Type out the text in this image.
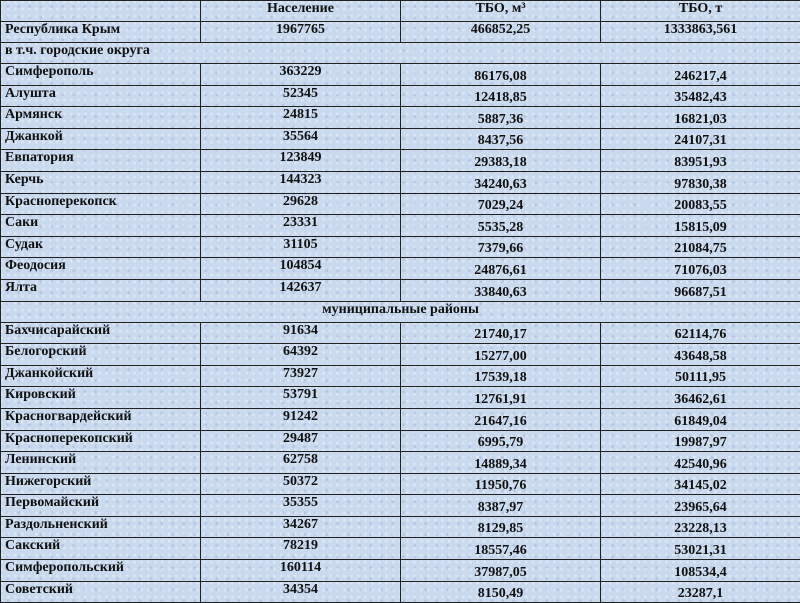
	Население	ТБО, м³	ТБО, т
Республика Крым	1967765	466852,25	1333863,561
в т.ч. городские округа			
Симферополь	363229	86176,08	246217,4
Алушта	52345	12418,85	35482,43
Армянск	24815	5887,36	16821,03
Джанкой	35564	8437,56	24107,31
Евпатория	123849	29383,18	83951,93
Керчь	144323	34240,63	97830,38
Красноперекопск	29628	7029,24	20083,55
Саки	23331	5535,28	15815,09
Судак	31105	7379,66	21084,75
Феодосия	104854	24876,61	71076,03
Ялта	142637	33840,63	96687,51
муниципальные районы			
Бахчисарайский	91634	21740,17	62114,76
Белогорский	64392	15277,00	43648,58
Джанкойский	73927	17539,18	50111,95
Кировский	53791	12761,91	36462,61
Красногвардейский	91242	21647,16	61849,04
Красноперекопский	29487	6995,79	19987,97
Ленинский	62758	14889,34	42540,96
Нижегорский	50372	11950,76	34145,02
Первомайский	35355	8387,97	23965,64
Раздольненский	34267	8129,85	23228,13
Сакский	78219	18557,46	53021,31
Симферопольский	160114	37987,05	108534,4
Советский	34354	8150,49	23287,1
